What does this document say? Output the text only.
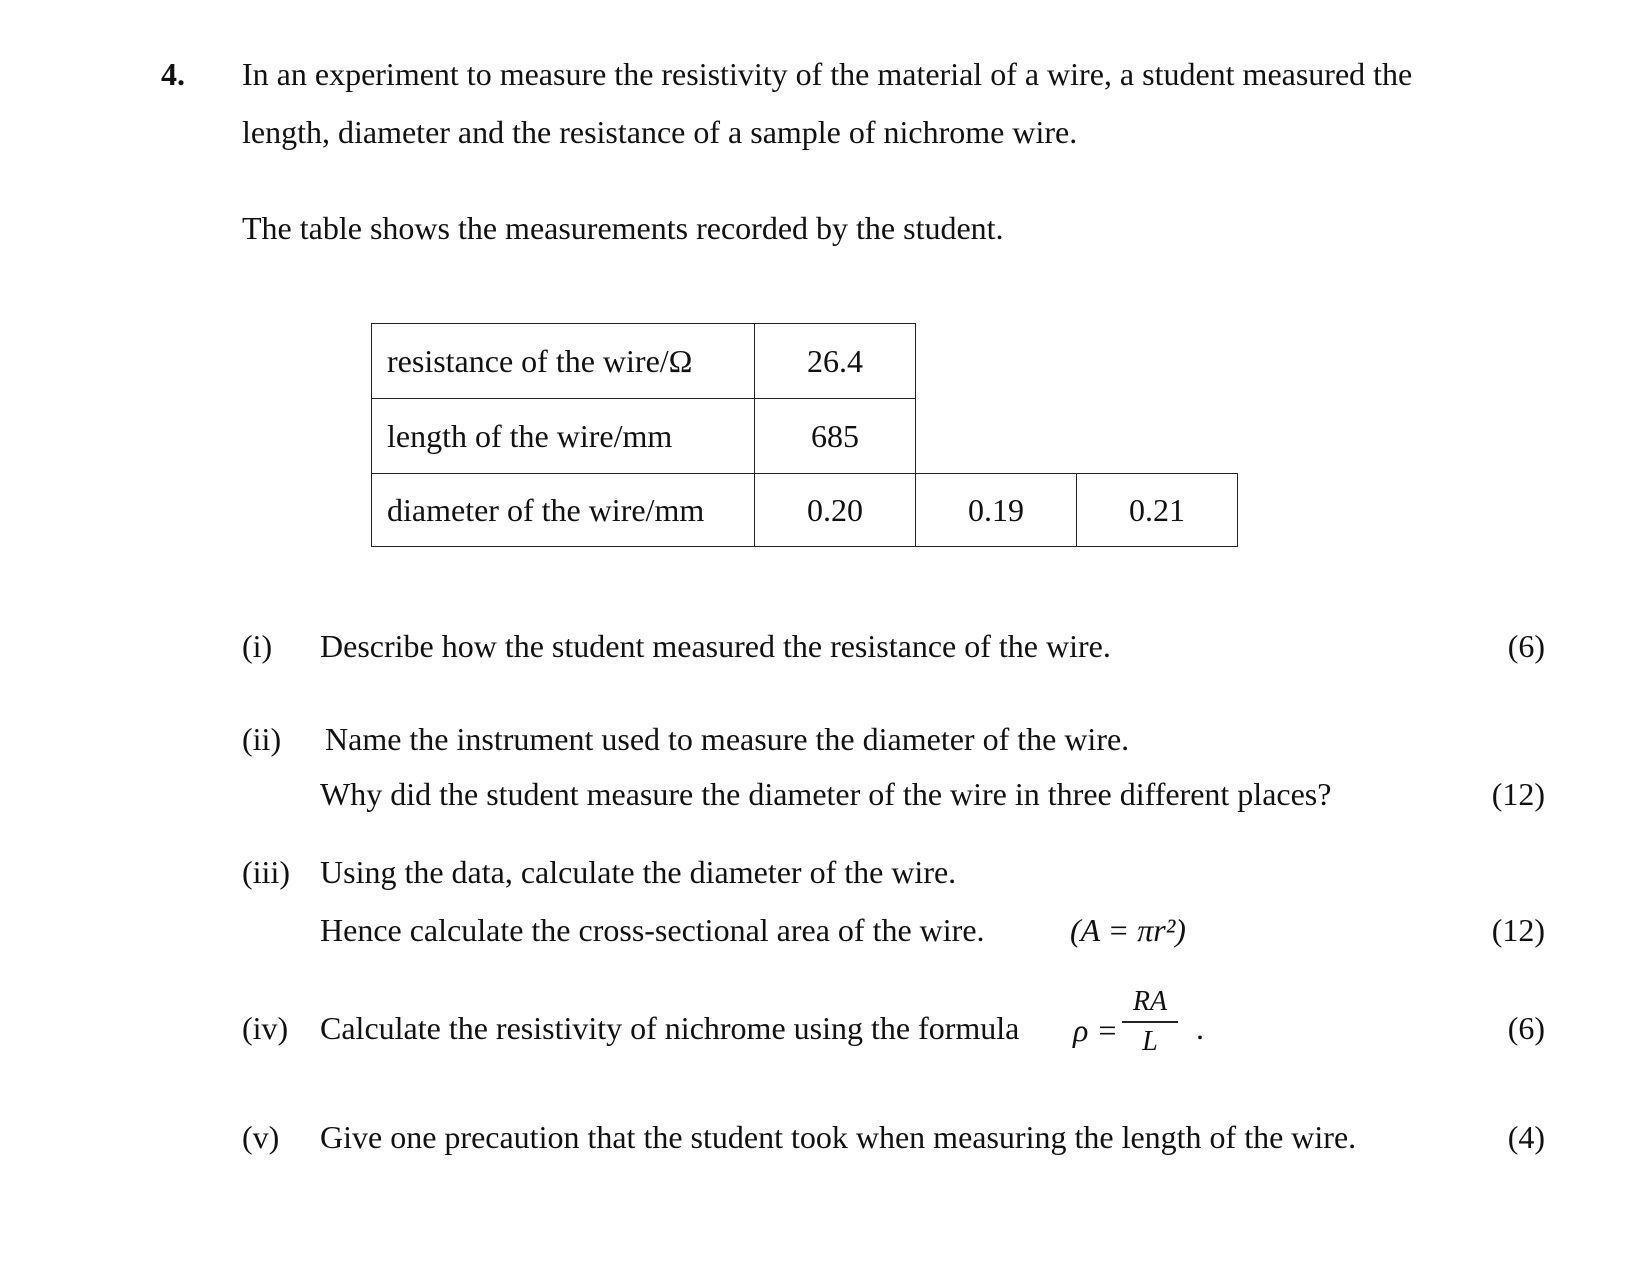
4. In an experiment to measure the resistivity of the material of a wire, a student measured the
length, diameter and the resistance of a sample of nichrome wire.
The table shows the measurements recorded by the student.
resistance of the wire/Ω	26.4
length of the wire/mm	685
diameter of the wire/mm	0.20	0.19	0.21
(i) Describe how the student measured the resistance of the wire.	(6)
(ii) Name the instrument used to measure the diameter of the wire.
Why did the student measure the diameter of the wire in three different places?	(12)
(iii) Using the data, calculate the diameter of the wire.
Hence calculate the cross-sectional area of the wire.	(A = πr²)	(12)
(iv) Calculate the resistivity of nichrome using the formula ρ =
RA
L .	(6)
(v) Give one precaution that the student took when measuring the length of the wire.	(4)
